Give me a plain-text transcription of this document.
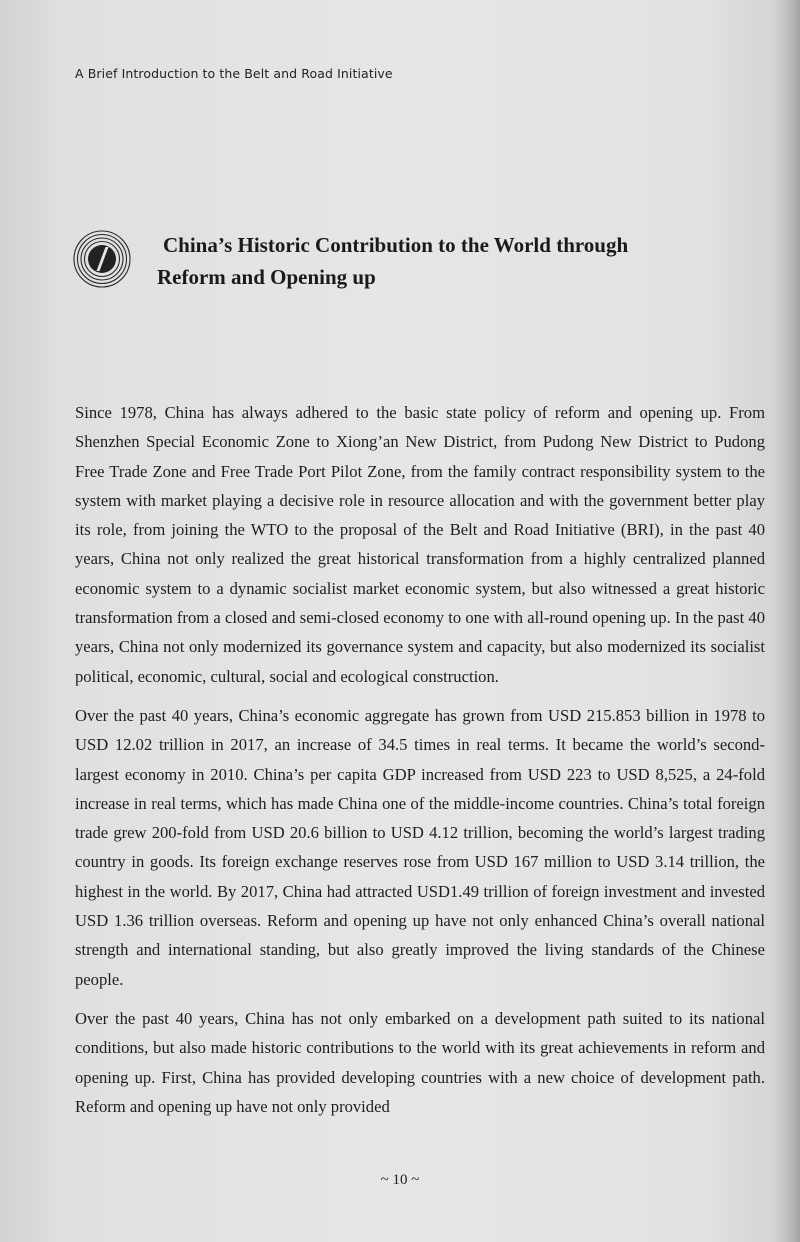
A Brief Introduction to the Belt and Road Initiative
China’s Historic Contribution to the World through
Reform and Opening up

Since 1978, China has always adhered to the basic state policy of reform and opening up. From Shenzhen Special Economic Zone to Xiong’an New District, from Pudong New District to Pudong Free Trade Zone and Free Trade Port Pilot Zone, from the family contract responsibility system to the system with market playing a decisive role in resource allocation and with the government better play its role, from joining the WTO to the proposal of the Belt and Road Initiative (BRI), in the past 40 years, China not only realized the great historical transformation from a highly centralized planned economic system to a dynamic socialist market economic system, but also witnessed a great historic transformation from a closed and semi-closed economy to one with all-round opening up. In the past 40 years, China not only modernized its governance system and capacity, but also modernized its socialist political, economic, cultural, social and ecological construction.

Over the past 40 years, China’s economic aggregate has grown from USD 215.853 billion in 1978 to USD 12.02 trillion in 2017, an increase of 34.5 times in real terms. It became the world’s second-largest economy in 2010. China’s per capita GDP increased from USD 223 to USD 8,525, a 24-fold increase in real terms, which has made China one of the middle-income countries. China’s total foreign trade grew 200-fold from USD 20.6 billion to USD 4.12 trillion, becoming the world’s largest trading country in goods. Its foreign exchange reserves rose from USD 167 million to USD 3.14 trillion, the highest in the world. By 2017, China had attracted USD1.49 trillion of foreign investment and invested USD 1.36 trillion overseas. Reform and opening up have not only enhanced China’s overall national strength and international standing, but also greatly improved the living standards of the Chinese people.

Over the past 40 years, China has not only embarked on a development path suited to its national conditions, but also made historic contributions to the world with its great achievements in reform and opening up. First, China has provided developing countries with a new choice of development path. Reform and opening up have not only provided

~ 10 ~
